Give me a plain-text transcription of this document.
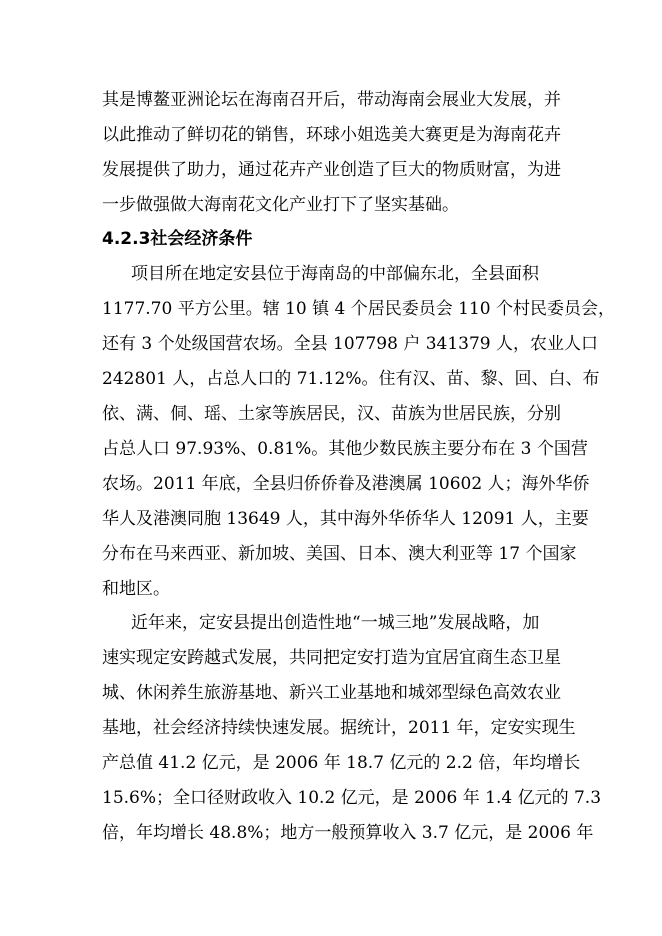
其是博鳌亚洲论坛在海南召开后，带动海南会展业大发展，并
以此推动了鲜切花的销售，环球小姐选美大赛更是为海南花卉
发展提供了助力，通过花卉产业创造了巨大的物质财富，为进
一步做强做大海南花文化产业打下了坚实基础。
4.2.3社会经济条件
项目所在地定安县位于海南岛的中部偏东北，全县面积
1177.70 平方公里。辖 10 镇 4 个居民委员会 110 个村民委员会，
还有 3 个处级国营农场。全县 107798 户 341379 人，农业人口
242801 人，占总人口的 71.12%。住有汉、苗、黎、回、白、布
依、满、侗、瑶、土家等族居民，汉、苗族为世居民族，分别
占总人口 97.93%、0.81%。其他少数民族主要分布在 3 个国营
农场。2011 年底，全县归侨侨眷及港澳属 10602 人；海外华侨
华人及港澳同胞 13649 人，其中海外华侨华人 12091 人，主要
分布在马来西亚、新加坡、美国、日本、澳大利亚等 17 个国家
和地区。
近年来，定安县提出创造性地“一城三地”发展战略，加
速实现定安跨越式发展，共同把定安打造为宜居宜商生态卫星
城、休闲养生旅游基地、新兴工业基地和城郊型绿色高效农业
基地，社会经济持续快速发展。据统计，2011 年，定安实现生
产总值 41.2 亿元，是 2006 年 18.7 亿元的 2.2 倍，年均增长
15.6%；全口径财政收入 10.2 亿元，是 2006 年 1.4 亿元的 7.3
倍，年均增长 48.8%；地方一般预算收入 3.7 亿元，是 2006 年
